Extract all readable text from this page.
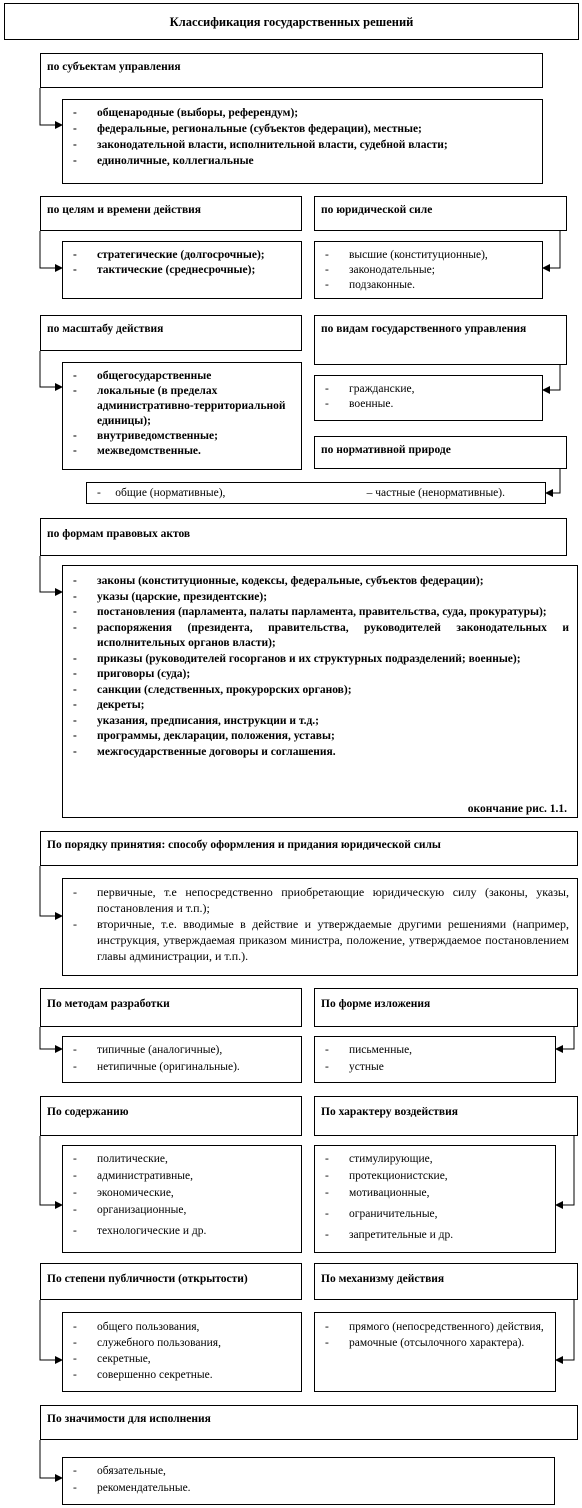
Классификация государственных решений
по субъектам управления
- общенародные (выборы, референдум);
- федеральные, региональные (субъектов федерации), местные;
- законодательной власти, исполнительной власти, судебной власти;
- единоличные, коллегиальные
по целям и времени действия
- стратегические (долгосрочные);
- тактические (среднесрочные);
по юридической силе
- высшие (конституционные),
- законодательные;
- подзаконные.
по масштабу действия
- общегосударственные
- локальные (в пределах административно-территориальной единицы);
- внутриведомственные;
- межведомственные.
по видам государственного управления
- гражданские,
- военные.
по нормативной природе
-     общие (нормативные),	– частные (ненормативные).
по формам правовых актов
- законы (конституционные, кодексы, федеральные, субъектов федерации);
- указы (царские, президентские);
- постановления (парламента, палаты парламента, правительства, суда, прокуратуры);
- распоряжения (президента, правительства, руководителей законодательных и исполнительных органов власти);
- приказы (руководителей госорганов и их структурных подразделений; военные);
- приговоры (суда);
- санкции (следственных, прокурорских органов);
- декреты;
- указания, предписания, инструкции и т.д.;
- программы, декларации, положения, уставы;
- межгосударственные договоры и соглашения.
окончание рис. 1.1.
По порядку принятия: способу оформления и придания юридической силы
- первичные, т.е непосредственно приобретающие юридическую силу (законы, указы, постановления и т.п.);
- вторичные, т.е. вводимые в действие и утверждаемые другими решениями (например, инструкция, утверждаемая приказом министра, положение, утверждаемое постановлением главы администрации, и т.п.).
По методам разработки
- типичные (аналогичные),
- нетипичные (оригинальные).
По форме изложения
- письменные,
- устные
По содержанию
- политические,
- административные,
- экономические,
- организационные,
- технологические и др.
По характеру воздействия
- стимулирующие,
- протекционистские,
- мотивационные,
- ограничительные,
- запретительные и др.
По степени публичности (открытости)
- общего пользования,
- служебного пользования,
- секретные,
- совершенно секретные.
По механизму действия
- прямого (непосредственного) действия,
- рамочные (отсылочного характера).
По значимости для исполнения
- обязательные,
- рекомендательные.
